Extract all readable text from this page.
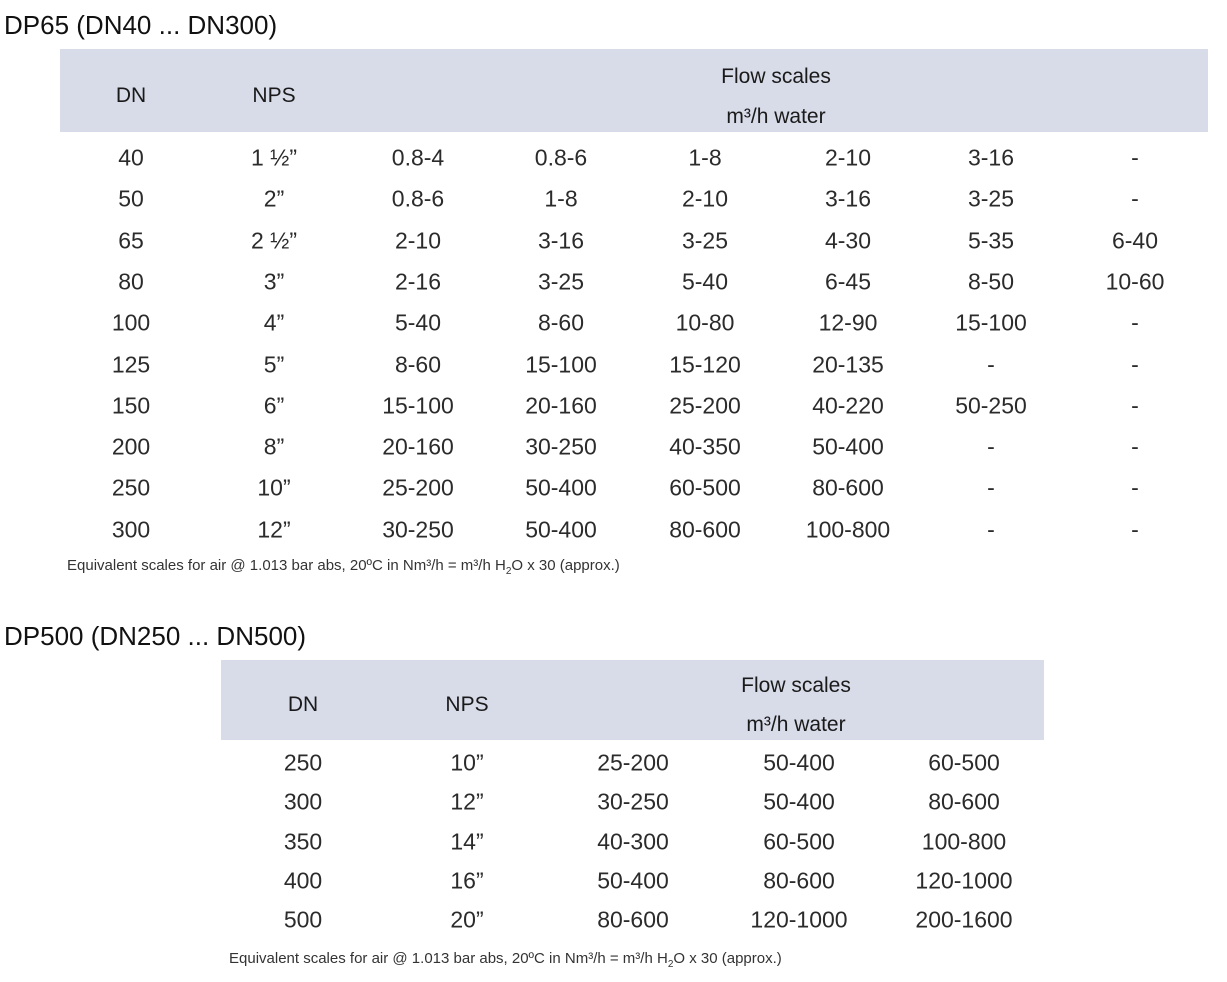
DP65 (DN40 ... DN300)
DN	NPS
Flow scales
m³/h water
40	1 ½”	0.8-4	0.8-6	1-8	2-10	3-16	-
50	2”	0.8-6	1-8	2-10	3-16	3-25	-
65	2 ½”	2-10	3-16	3-25	4-30	5-35	6-40
80	3”	2-16	3-25	5-40	6-45	8-50	10-60
100	4”	5-40	8-60	10-80	12-90	15-100	-
125	5”	8-60	15-100	15-120	20-135	-	-
150	6”	15-100	20-160	25-200	40-220	50-250	-
200	8”	20-160	30-250	40-350	50-400	-	-
250	10”	25-200	50-400	60-500	80-600	-	-
300	12”	30-250	50-400	80-600	100-800	-	-
Equivalent scales for air @ 1.013 bar abs, 20ºC in Nm³/h = m³/h $H_2O$ x 30 (approx.)
DP500 (DN250 ... DN500)
DN	NPS
Flow scales
m³/h water
250	10”	25-200	50-400	60-500
300	12”	30-250	50-400	80-600
350	14”	40-300	60-500	100-800
400	16”	50-400	80-600	120-1000
500	20”	80-600	120-1000	200-1600
Equivalent scales for air @ 1.013 bar abs, 20ºC in Nm³/h = m³/h $H_2O$ x 30 (approx.)
